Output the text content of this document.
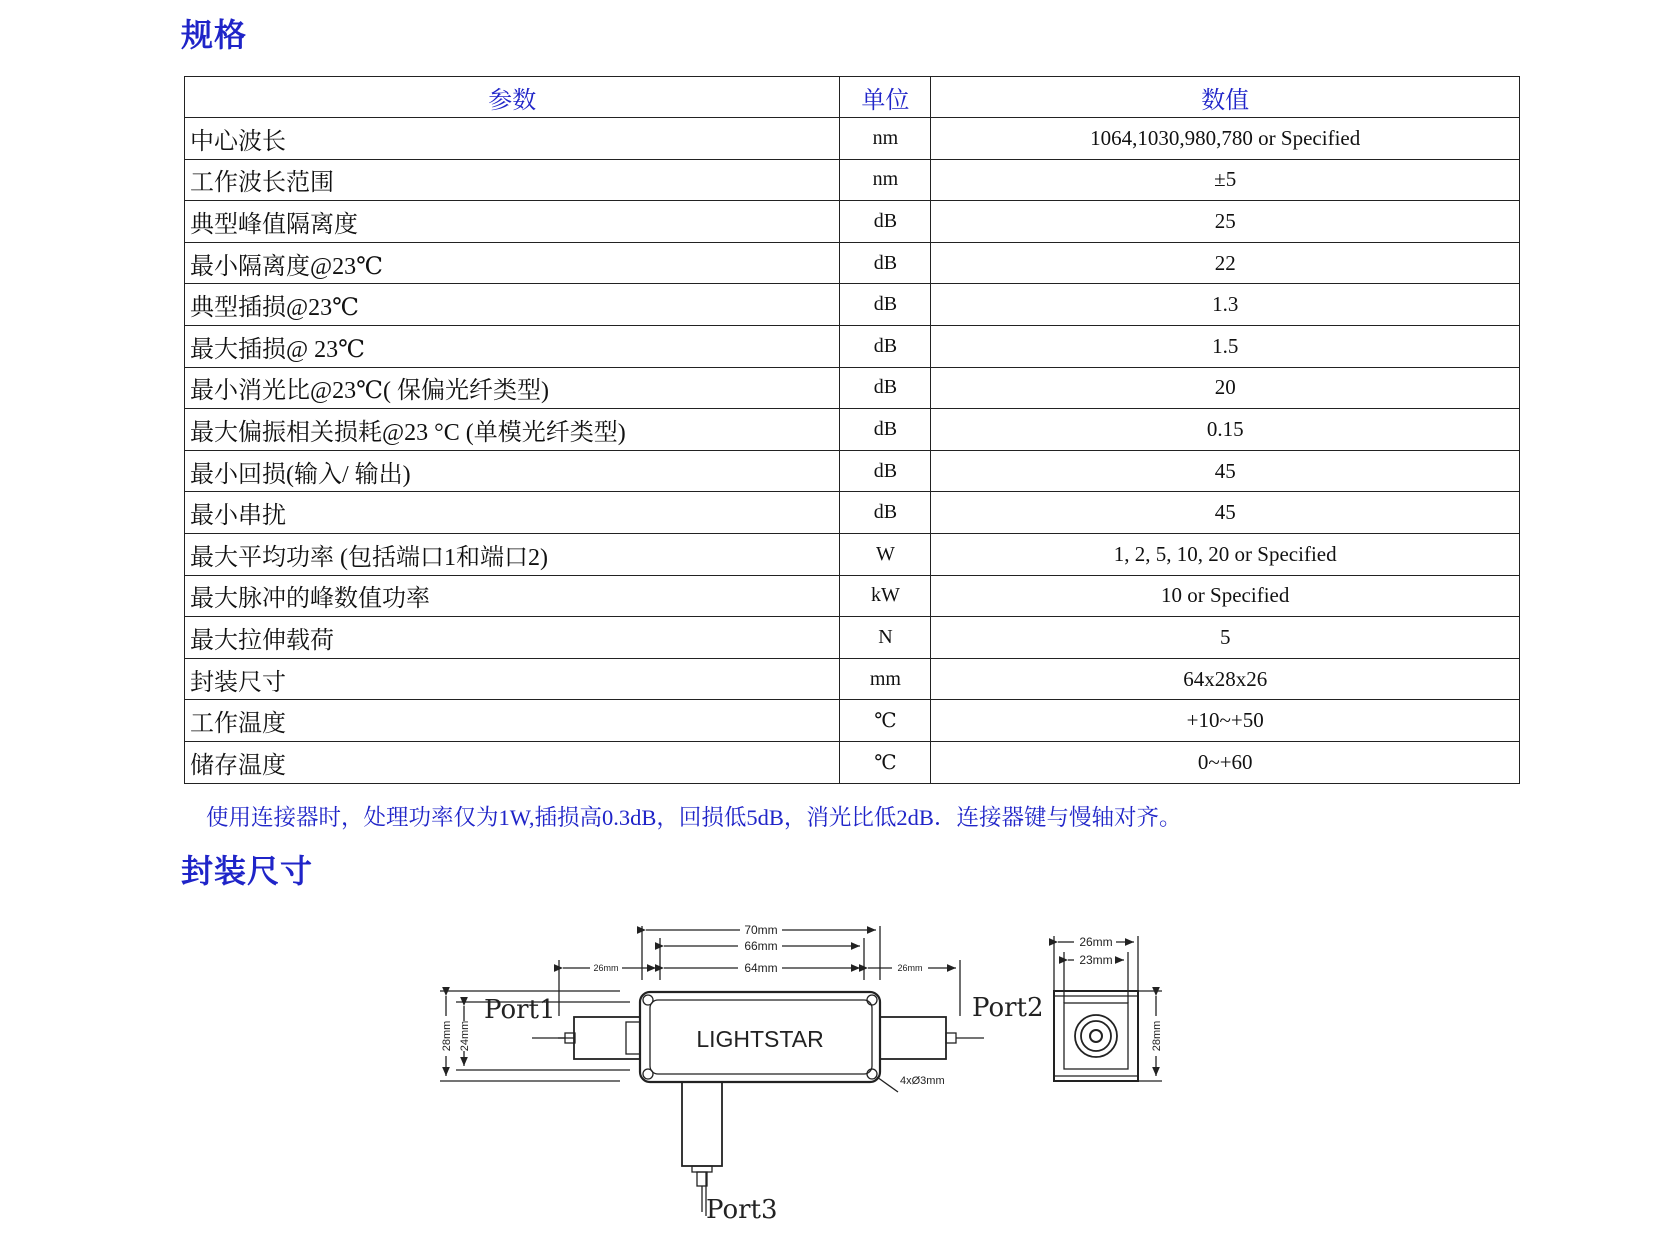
规格
参数	单位	数值
中心波长	nm	1064,1030,980,780 or Specified
工作波长范围	nm	±5
典型峰值隔离度	dB	25
最小隔离度@23℃	dB	22
典型插损@23℃	dB	1.3
最大插损@ 23℃	dB	1.5
最小消光比@23℃( 保偏光纤类型)	dB	20
最大偏振相关损耗@23 °C (单模光纤类型)	dB	0.15
最小回损(输入/ 输出)	dB	45
最小串扰	dB	45
最大平均功率 (包括端口1和端口2)	W	1, 2, 5, 10, 20 or Specified
最大脉冲的峰数值功率	kW	10 or Specified
最大拉伸载荷	N	5
封装尺寸	mm	64x28x26
工作温度	℃	+10~+50
储存温度	℃	0~+60
使用连接器时，处理功率仅为1W,插损高0.3dB，回损低5dB，消光比低2dB．连接器键与慢轴对齐。
封装尺寸
70mm
66mm
64mm
26mm	26mm
28mm 24mm
4xØ3mm
LIGHTSTAR
Port1	Port2
Port3
26mm
23mm
28mm
